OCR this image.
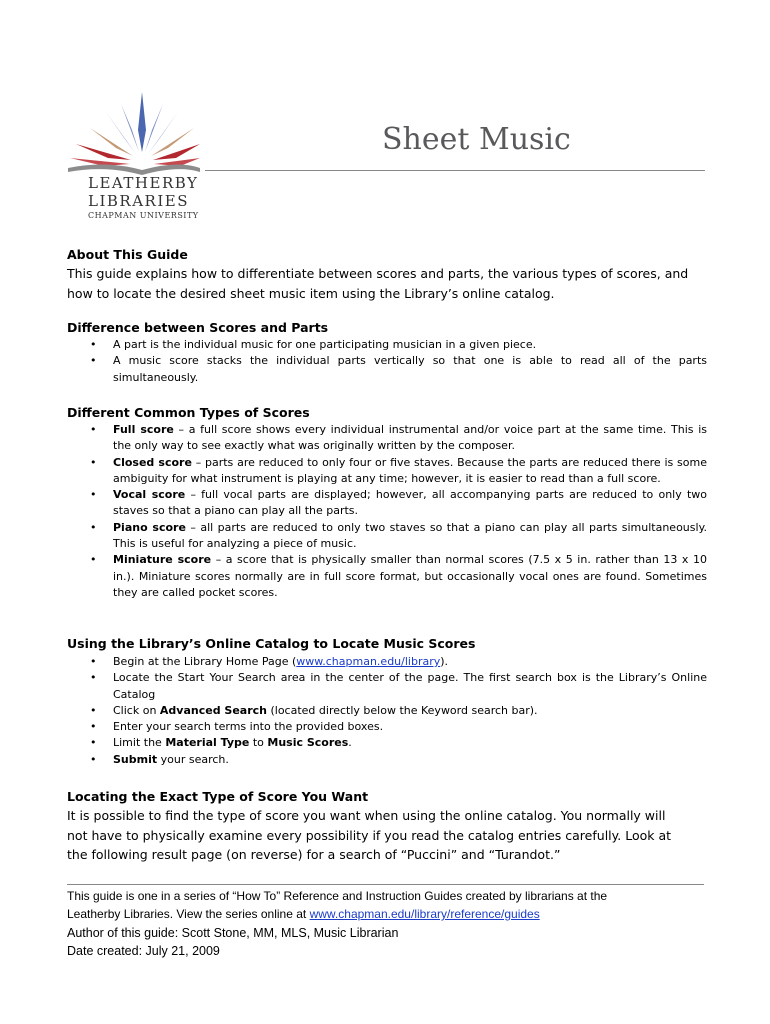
LEATHERBY
LIBRARIES
CHAPMAN UNIVERSITY
Sheet Music
About This Guide
This guide explains how to differentiate between scores and parts, the various types of scores, and
how to locate the desired sheet music item using the Library’s online catalog.
Difference between Scores and Parts
• A part is the individual music for one participating musician in a given piece.
• A music score stacks the individual parts vertically so that one is able to read all of the parts simultaneously.
Different Common Types of Scores
• Full score – a full score shows every individual instrumental and/or voice part at the same time. This is the only way to see exactly what was originally written by the composer.
• Closed score – parts are reduced to only four or five staves. Because the parts are reduced there is some ambiguity for what instrument is playing at any time; however, it is easier to read than a full score.
• Vocal score – full vocal parts are displayed; however, all accompanying parts are reduced to only two staves so that a piano can play all the parts.
• Piano score – all parts are reduced to only two staves so that a piano can play all parts simultaneously. This is useful for analyzing a piece of music.
• Miniature score – a score that is physically smaller than normal scores (7.5 x 5 in. rather than 13 x 10 in.). Miniature scores normally are in full score format, but occasionally vocal ones are found. Sometimes they are called pocket scores.
Using the Library’s Online Catalog to Locate Music Scores
• Begin at the Library Home Page (www.chapman.edu/library).
• Locate the Start Your Search area in the center of the page. The first search box is the Library’s Online Catalog
• Click on Advanced Search (located directly below the Keyword search bar).
• Enter your search terms into the provided boxes.
• Limit the Material Type to Music Scores.
• Submit your search.
Locating the Exact Type of Score You Want
It is possible to find the type of score you want when using the online catalog. You normally will
not have to physically examine every possibility if you read the catalog entries carefully. Look at
the following result page (on reverse) for a search of “Puccini” and “Turandot.”
This guide is one in a series of “How To” Reference and Instruction Guides created by librarians at the
Leatherby Libraries. View the series online at www.chapman.edu/library/reference/guides
Author of this guide: Scott Stone, MM, MLS, Music Librarian
Date created: July 21, 2009
